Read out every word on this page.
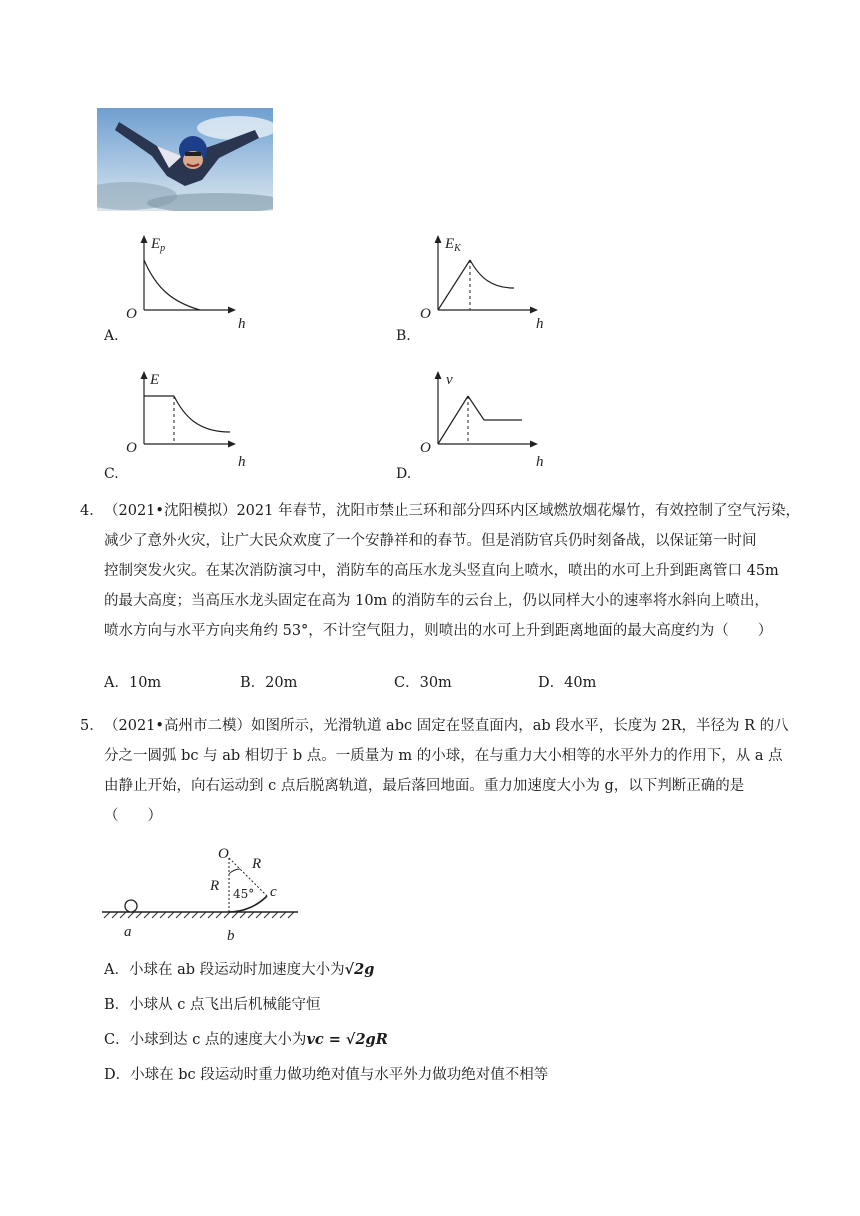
A.
$E_p$
O
h
B.
$E_K$
O
h
C.
E
O
h
D.
v
O
h
4． （2021•沈阳模拟）2021 年春节，沈阳市禁止三环和部分四环内区域燃放烟花爆竹，有效控制了空气污染，
减少了意外火灾，让广大民众欢度了一个安静祥和的春节。但是消防官兵仍时刻备战，以保证第一时间
控制突发火灾。在某次消防演习中，消防车的高压水龙头竖直向上喷水，喷出的水可上升到距离管口 45m
的最大高度；当高压水龙头固定在高为 10m 的消防车的云台上，仍以同样大小的速率将水斜向上喷出，
喷水方向与水平方向夹角约 53°，不计空气阻力，则喷出的水可上升到距离地面的最大高度约为（　　）
A．10m	B．20m	C．30m	D．40m
5． （2021•高州市二模）如图所示，光滑轨道 abc 固定在竖直面内，ab 段水平，长度为 2R，半径为 R 的八
分之一圆弧 bc 与 ab 相切于 b 点。一质量为 m 的小球，在与重力大小相等的水平外力的作用下，从 a 点
由静止开始，向右运动到 c 点后脱离轨道，最后落回地面。重力加速度大小为 g，以下判断正确的是
（　　）
O
R
R
45° c
a	b
A．小球在 ab 段运动时加速度大小为√2g
B．小球从 c 点飞出后机械能守恒
C．小球到达 c 点的速度大小为vc = √2gR
D．小球在 bc 段运动时重力做功绝对值与水平外力做功绝对值不相等
